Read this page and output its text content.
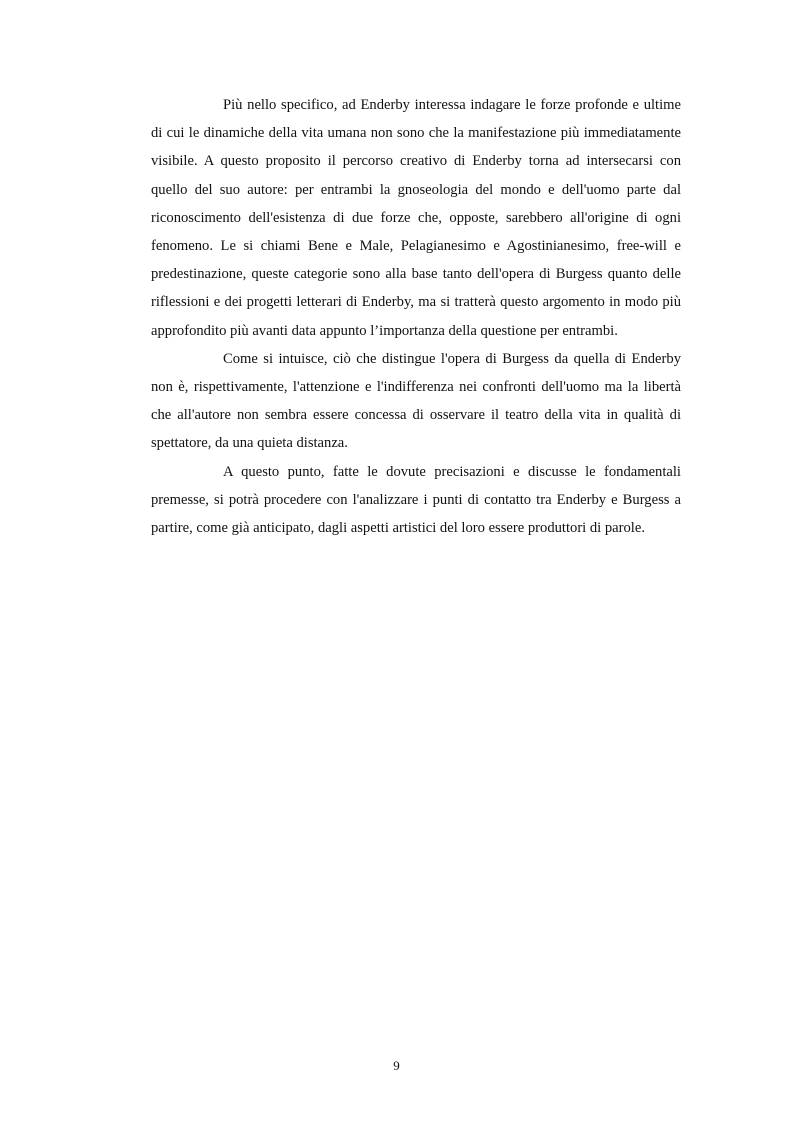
Più nello specifico, ad Enderby interessa indagare le forze profonde e ultime di cui le dinamiche della vita umana non sono che la manifestazione più immediatamente visibile. A questo proposito il percorso creativo di Enderby torna ad intersecarsi con quello del suo autore: per entrambi la gnoseologia del mondo e dell'uomo parte dal riconoscimento dell'esistenza di due forze che, opposte, sarebbero all'origine di ogni fenomeno. Le si chiami Bene e Male, Pelagianesimo e Agostinianesimo, free-will e predestinazione, queste categorie sono alla base tanto dell'opera di Burgess quanto delle riflessioni e dei progetti letterari di Enderby, ma si tratterà questo argomento in modo più approfondito più avanti data appunto l’importanza della questione per entrambi.

Come si intuisce, ciò che distingue l'opera di Burgess da quella di Enderby non è, rispettivamente, l'attenzione e l'indifferenza nei confronti dell'uomo ma la libertà che all'autore non sembra essere concessa di osservare il teatro della vita in qualità di spettatore, da una quieta distanza.

A questo punto, fatte le dovute precisazioni e discusse le fondamentali premesse, si potrà procedere con l'analizzare i punti di contatto tra Enderby e Burgess a partire, come già anticipato, dagli aspetti artistici del loro essere produttori di parole.

9
